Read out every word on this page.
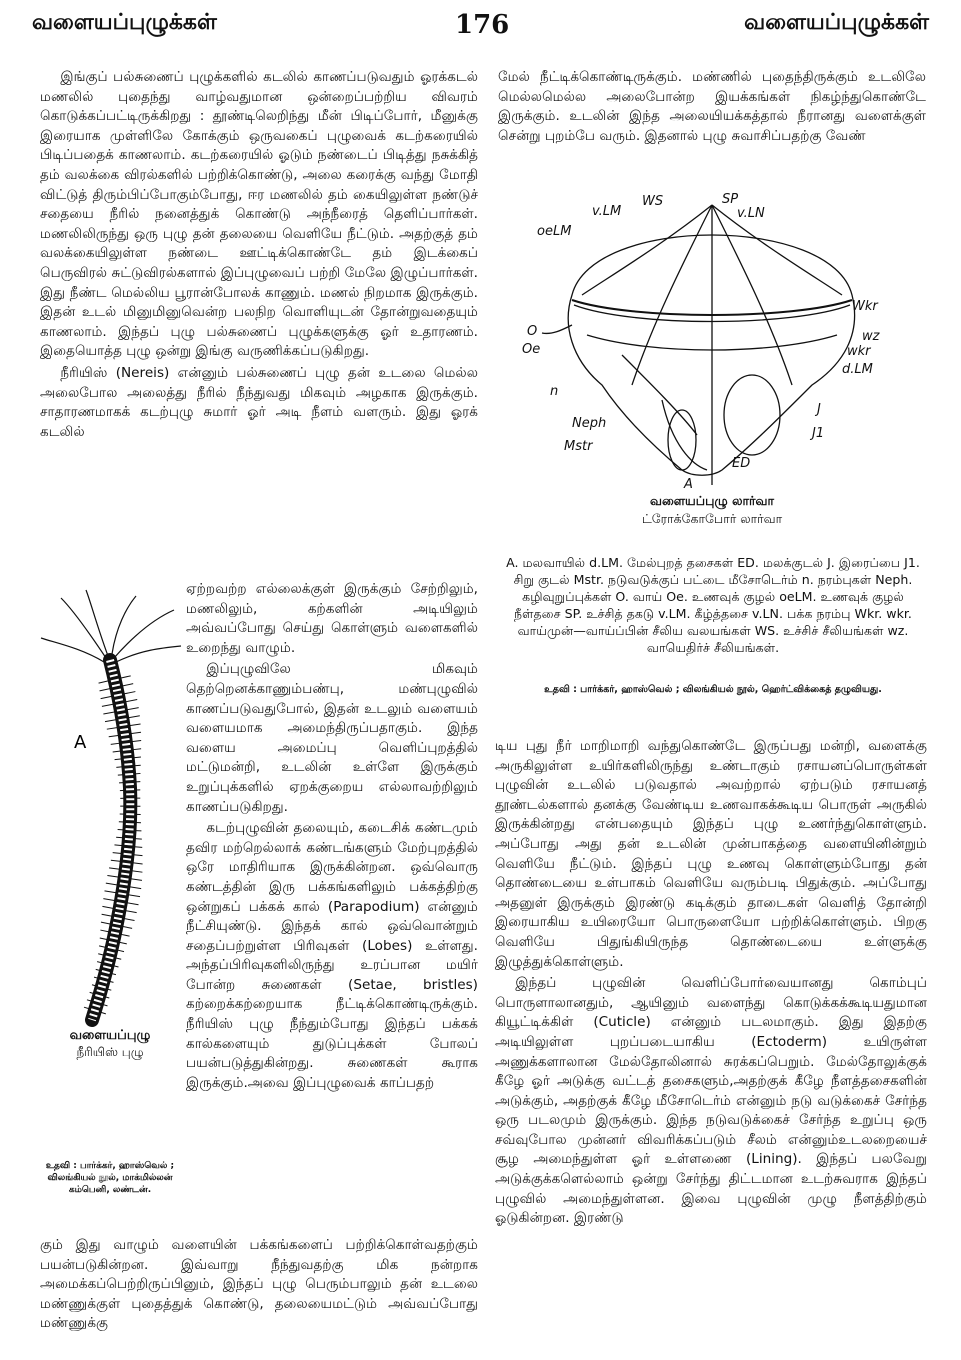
வளையப்புழுக்கள்	176	வளையப்புழுக்கள்

இங்குப் பல்சுணைப் புழுக்களில் கடலில் காணப்படுவதும் ஓரக்கடல் மணலில் புதைந்து வாழ்வதுமான ஒன்றைப்பற்றிய விவரம் கொடுக்கப்பட்டிருக்கிறது : தூண்டிலெறிந்து மீன் பிடிப்போர், மீனுக்கு இரையாக முள்ளிலே கோக்கும் ஒருவகைப் புழுவைக் கடற்கரையில் பிடிப்பதைக் காணலாம். கடற்கரையில் ஓடும் நண்டைப் பிடித்து நசுக்கித் தம் வலக்கை விரல்களில் பற்றிக்கொண்டு, அலை கரைக்கு வந்து மோதி விட்டுத் திரும்பிப்போகும்போது, ஈர மணலில் தம் கையிலுள்ள நண்டுச் சதையை நீரில் நனைத்துக் கொண்டு அந்நீரைத் தெளிப்பார்கள். மணலிலிருந்து ஒரு புழு தன் தலையை வெளியே நீட்டும். அதற்குத் தம் வலக்கையிலுள்ள நண்டை ஊட்டிக்கொண்டே தம் இடக்கைப் பெருவிரல் சுட்டுவிரல்களால் இப்புழுவைப் பற்றி மேலே இழுப்பார்கள். இது நீண்ட மெல்லிய பூரான்போலக் காணும். மணல் நிறமாக இருக்கும். இதன் உடல் மினுமினுவென்ற பலநிற வொளியுடன் தோன்றுவதையும் காணலாம். இந்தப் புழு பல்சுணைப் புழுக்களுக்கு ஓர் உதாரணம். இதையொத்த புழு ஒன்று இங்கு வருணிக்கப்படுகிறது.

நீரியிஸ் (Nereis) என்னும் பல்சுணைப் புழு தன் உடலை மெல்ல அலைபோல அலைத்து நீரில் நீந்துவது மிகவும் அழகாக இருக்கும். சாதாரணமாகக் கடற்புழு சுமார் ஓர் அடி நீளம் வளரும். இது ஓரக் கடலில்

A
வளையப்புழு
நீரியிஸ் புழு
உதவி : பார்க்கர், ஹாஸ்வெல் ; விலங்கியல் நூல், மாக்மில்லன் கம்பெனி, லண்டன்.

ஏற்றவற்ற எல்லைக்குள் இருக்கும் சேற்றிலும், மணலிலும், கற்களின் அடியிலும் அவ்வப்போது செய்து கொள்ளும் வளைகளில் உறைந்து வாழும்.

இப்புழுவிலே மிகவும் தெற்றெனக்காணும்பண்பு, மண்புழுவில் காணப்படுவதுபோல், இதன் உடலும் வளையம் வளையமாக அமைந்திருப்பதாகும். இந்த வளைய அமைப்பு வெளிப்புறத்தில் மட்டுமன்றி, உடலின் உள்ளே இருக்கும் உறுப்புக்களில் ஏறக்குறைய எல்லாவற்றிலும் காணப்படுகிறது.

கடற்புழுவின் தலையும், கடைசிக் கண்டமும் தவிர மற்றெல்லாக் கண்டங்களும் மேற்புறத்தில் ஒரே மாதிரியாக இருக்கின்றன. ஒவ்வொரு கண்டத்தின் இரு பக்கங்களிலும் பக்கத்திற்கு ஒன்றுகப் பக்கக் கால் (Parapodium) என்னும் நீட்சியுண்டு. இந்தக் கால் ஒவ்வொன்றும் சதைப்பற்றுள்ள பிரிவுகள் (Lobes) உள்ளது. அந்தப்பிரிவுகளிலிருந்து உரப்பான மயிர் போன்ற சுணைகள் (Setae, bristles) கற்றைக்கற்றையாக நீட்டிக்கொண்டிருக்கும். நீரியிஸ் புழு நீந்தும்போது இந்தப் பக்கக் கால்களையும் துடுப்புக்கள் போலப் பயன்படுத்துகின்றது. சுணைகள் கூராக இருக்கும்.அவை இப்புழுவைக் காப்பதற்

கும் இது வாழும் வளையின் பக்கங்களைப் பற்றிக்கொள்வதற்கும் பயன்படுகின்றன. இவ்வாறு நீந்துவதற்கு மிக நன்றாக அமைக்கப்பெற்றிருப்பினும், இந்தப் புழு பெரும்பாலும் தன் உடலை மண்ணுக்குள் புதைத்துக் கொண்டு, தலையைமட்டும் அவ்வப்போது மண்ணுக்கு

மேல் நீட்டிக்கொண்டிருக்கும். மண்ணில் புதைந்திருக்கும் உடலிலே மெல்லமெல்ல அலைபோன்ற இயக்கங்கள் நிகழ்ந்துகொண்டே இருக்கும். உடலின் இந்த அலையியக்கத்தால் நீரானது வளைக்குள் சென்று புறம்பே வரும். இதனால் புழு சுவாசிப்பதற்கு வேண்

v.LM
WS	SP
v.LN
oeLM
Wkr
O
Oe
wz
wkr
d.LM
n
J
Neph
J1
Mstr
ED
A
வளையப்புழு லார்வா
ட்ரோக்கோபோர் லார்வா
A. மலவாயில் d.LM. மேல்புறத் தசைகள் ED. மலக்குடல் J. இரைப்பை J1. சிறு குடல் Mstr. நடுவடுக்குப் பட்டை மீசோடெர்ம் n. நரம்புகள் Neph. கழிவுறுப்புக்கள் O. வாய் Oe. உணவுக் குழல் oeLM. உணவுக் குழல் நீள்தசை SP. உச்சித் தகடு v.LM. கீழ்த்தசை v.LN. பக்க நரம்பு Wkr. wkr. வாய்முன்—வாய்ப்பின் சீலிய வலயங்கள் WS. உச்சிச் சீலியங்கள் wz. வாயெதிர்ச் சீலியங்கள்.
உதவி : பார்க்கர், ஹாஸ்வெல் ; விலங்கியல் நூல், ஹெர்ட்விக்கைத் தழுவியது.

டிய புது நீர் மாறிமாறி வந்துகொண்டே இருப்பது மன்றி, வளைக்கு அருகிலுள்ள உயிர்களிலிருந்து உண்டாகும் ரசாயனப்பொருள்கள் புழுவின் உடலில் படுவதால் அவற்றால் ஏற்படும் ரசாயனத் தூண்டல்களால் தனக்கு வேண்டிய உணவாகக்கூடிய பொருள் அருகில் இருக்கின்றது என்பதையும் இந்தப் புழு உணர்ந்துகொள்ளும். அப்போது அது தன் உடலின் முன்பாகத்தை வளையினின்றும் வெளியே நீட்டும். இந்தப் புழு உணவு கொள்ளும்போது தன் தொண்டையை உள்பாகம் வெளியே வரும்படி பிதுக்கும். அப்போது அதனுள் இருக்கும் இரண்டு கடிக்கும் தாடைகள் வெளித் தோன்றி இரையாகிய உயிரையோ பொருளையோ பற்றிக்கொள்ளும். பிறகு வெளியே பிதுங்கியிருந்த தொண்டையை உள்ளுக்கு இழுத்துக்கொள்ளும்.

இந்தப் புழுவின் வெளிப்போர்வையானது கொம்புப் பொருளாலானதும், ஆயினும் வளைந்து கொடுக்கக்கூடியதுமான கியூட்டிக்கிள் (Cuticle) என்னும் படலமாகும். இது இதற்கு அடியிலுள்ள புறப்படையாகிய (Ectoderm) உயிருள்ள அணுக்களாலான மேல்தோலினால் சுரக்கப்பெறும். மேல்தோலுக்குக் கீழே ஓர் அடுக்கு வட்டத் தசைகளும்,அதற்குக் கீழே நீளத்தசைகளின் அடுக்கும், அதற்குக் கீழே மீசோடெர்ம் என்னும் நடு வடுக்கைச் சேர்ந்த ஒரு படலமும் இருக்கும். இந்த நடுவடுக்கைச் சேர்ந்த உறுப்பு ஒரு சவ்வுபோல முன்னர் விவரிக்கப்படும் சீலம் என்னும்உடலறையைச் சூழ அமைந்துள்ள ஓர் உள்ளணை (Lining). இந்தப் பலவேறு அடுக்குக்களெல்லாம் ஒன்று சேர்ந்து திட்டமான உடற்சுவராக இந்தப் புழுவில் அமைந்துள்ளன. இவை புழுவின் முழு நீளத்திற்கும் ஓடுகின்றன. இரண்டு
